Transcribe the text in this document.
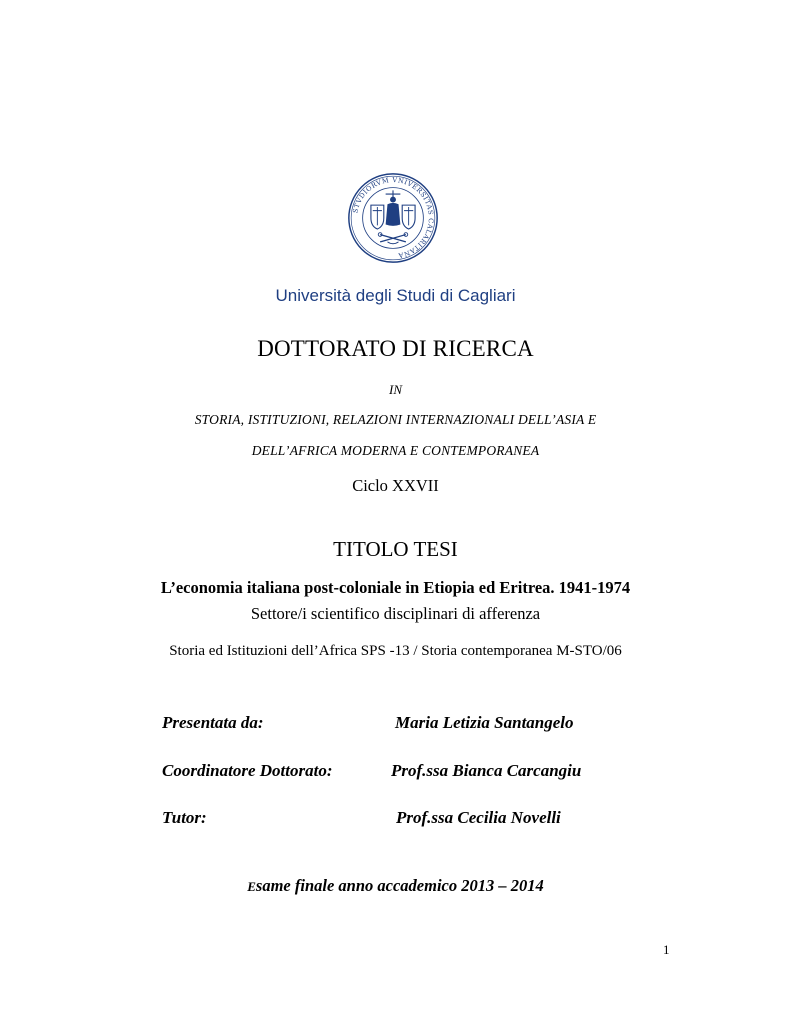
STVDIORVM VNIVERSITAS CALARITANA
Università degli Studi di Cagliari
DOTTORATO DI RICERCA
IN
STORIA, ISTITUZIONI, RELAZIONI INTERNAZIONALI DELL’ASIA E
DELL’AFRICA MODERNA E CONTEMPORANEA
Ciclo XXVII
TITOLO TESI
L’economia italiana post-coloniale in Etiopia ed Eritrea. 1941-1974
Settore/i scientifico disciplinari di afferenza
Storia ed Istituzioni dell’Africa SPS -13 / Storia contemporanea M-STO/06
Presentata da:	Maria Letizia Santangelo
Coordinatore Dottorato:	Prof.ssa Bianca Carcangiu
Tutor:	Prof.ssa Cecilia Novelli
Esame finale anno accademico 2013 – 2014
1
